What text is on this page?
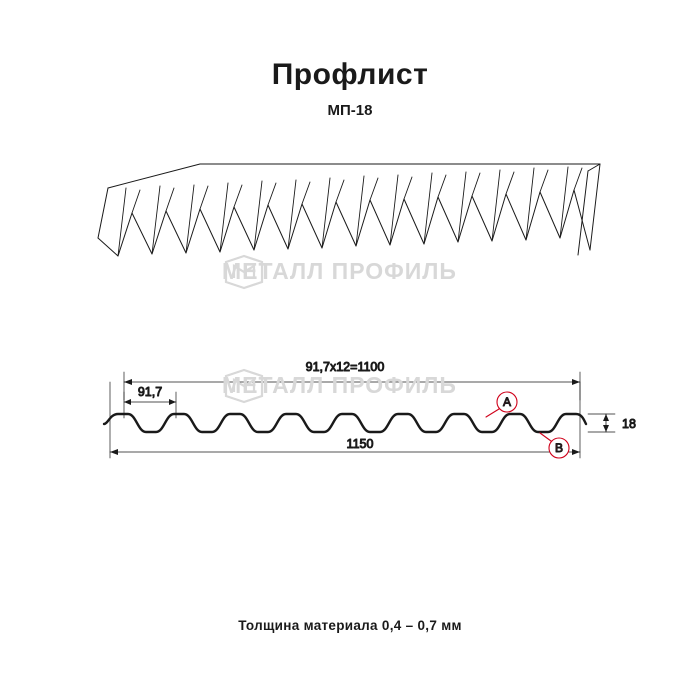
Профлист
МП-18
МЕТАЛЛ ПРОФИЛЬ
91,7x12=1100
91,7
1150
18
A
B
МЕТАЛЛ ПРОФИЛЬ
Толщина материала 0,4 – 0,7 мм
